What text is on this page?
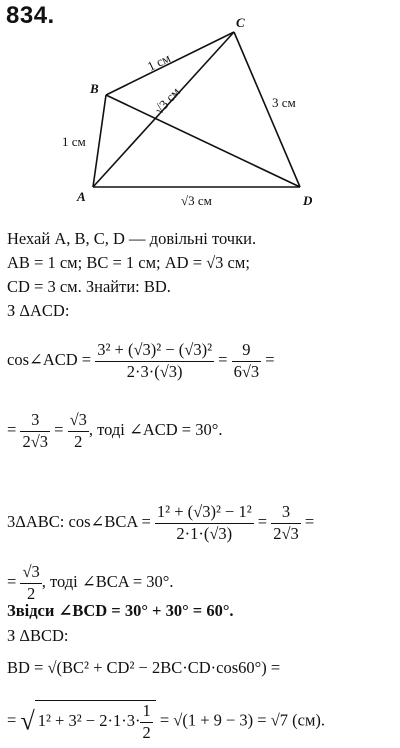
834.
A
B
C
D
1 см
1 см
3 см
√3 см
√3 см
Нехай A, B, C, D — довільні точки.
AB = 1 см; BC = 1 см; AD = √3 см;
CD = 3 см. Знайти: BD.
З ΔACD:
cos∠ACD = $\frac{\text{3² + (√3)² − (√3)²}}{2\cdot 3\cdot(√3)} = \frac{9}{6√3}$ =
= $\frac{3}{2√3} = \frac{√3}{2}$ , тоді ∠ACD = 30°.
3ΔABC: cos∠BCA = $\frac{\text{1² + (√3)² − 1²}}{2\cdot 1\cdot(√3)} = \frac{3}{2√3}$ =
= $\frac{√3}{2}$ , тоді ∠BCA = 30°.
Звідси ∠BCD = 30° + 30° = 60°.
З ΔBCD:
BD = √(BC² + CD² − 2BC·CD·cos60°) =
= √ $1^2 + 3^2 - 2\cdot 1\cdot 3\cdot \frac{1}{2} = √(1 + 9 - 3) = √7$ (см).
